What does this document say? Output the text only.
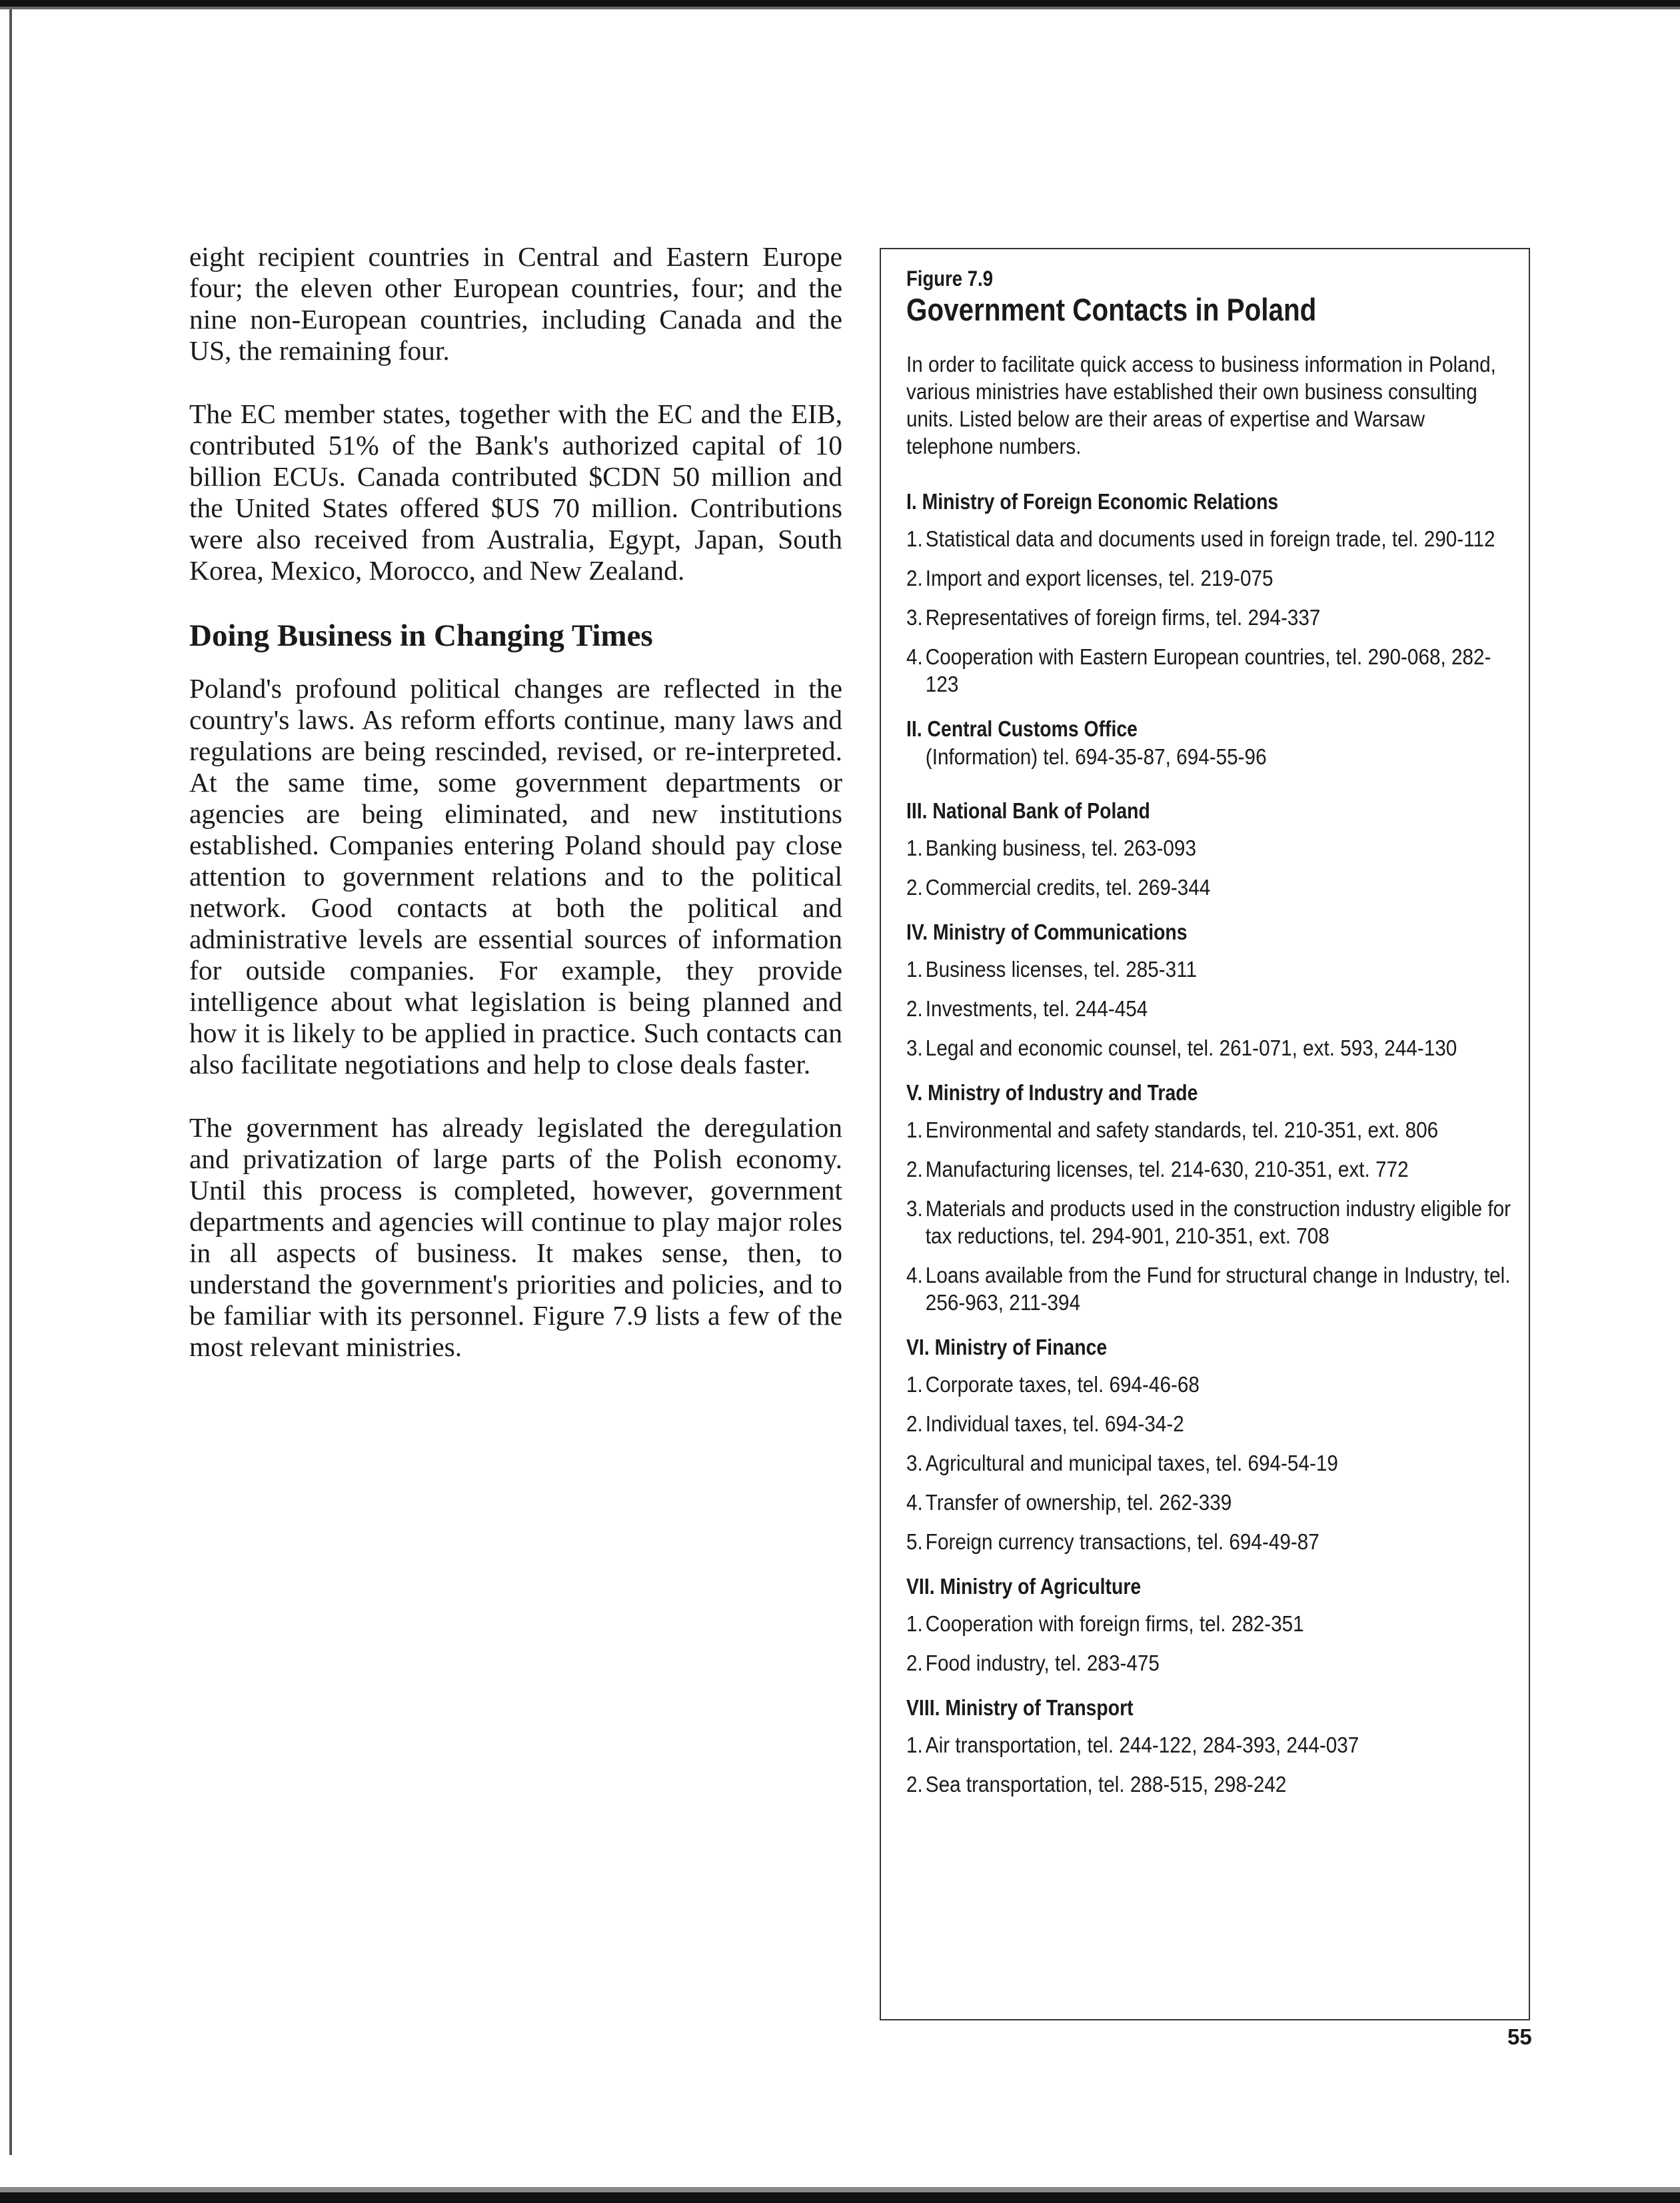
eight recipient countries in Central and Eastern Europe four; the eleven other European countries, four; and the nine non-European countries, including Canada and the US, the remaining four.

The EC member states, together with the EC and the EIB, contributed 51% of the Bank's authorized capital of 10 billion ECUs. Canada contributed $CDN 50 million and the United States offered $US 70 million. Contributions were also received from Australia, Egypt, Japan, South Korea, Mexico, Morocco, and New Zealand.

Doing Business in Changing Times

Poland's profound political changes are reflected in the country's laws. As reform efforts continue, many laws and regulations are being rescinded, revised, or re-interpreted. At the same time, some government departments or agencies are being eliminated, and new institutions established. Companies entering Poland should pay close attention to government relations and to the political network. Good contacts at both the political and administrative levels are essential sources of information for outside companies. For example, they provide intelligence about what legislation is being planned and how it is likely to be applied in practice. Such contacts can also facilitate negotiations and help to close deals faster.

The government has already legislated the deregulation and privatization of large parts of the Polish economy. Until this process is completed, however, government departments and agencies will continue to play major roles in all aspects of business. It makes sense, then, to understand the government's priorities and policies, and to be familiar with its personnel. Figure 7.9 lists a few of the most relevant ministries.

Figure 7.9
Government Contacts in Poland
In order to facilitate quick access to business information in Poland, various ministries have established their own business consulting units. Listed below are their areas of expertise and Warsaw telephone numbers.
I. Ministry of Foreign Economic Relations
1. Statistical data and documents used in foreign trade, tel. 290-112
2. Import and export licenses, tel. 219-075
3. Representatives of foreign firms, tel. 294-337
4. Cooperation with Eastern European countries, tel. 290-068, 282-123
II. Central Customs Office
(Information) tel. 694-35-87, 694-55-96
III. National Bank of Poland
1. Banking business, tel. 263-093
2. Commercial credits, tel. 269-344
IV. Ministry of Communications
1. Business licenses, tel. 285-311
2. Investments, tel. 244-454
3. Legal and economic counsel, tel. 261-071, ext. 593, 244-130
V. Ministry of Industry and Trade
1. Environmental and safety standards, tel. 210-351, ext. 806
2. Manufacturing licenses, tel. 214-630, 210-351, ext. 772
3. Materials and products used in the construction industry eligible for tax reductions, tel. 294-901, 210-351, ext. 708
4. Loans available from the Fund for structural change in Industry, tel. 256-963, 211-394
VI. Ministry of Finance
1. Corporate taxes, tel. 694-46-68
2. Individual taxes, tel. 694-34-2
3. Agricultural and municipal taxes, tel. 694-54-19
4. Transfer of ownership, tel. 262-339
5. Foreign currency transactions, tel. 694-49-87
VII. Ministry of Agriculture
1. Cooperation with foreign firms, tel. 282-351
2. Food industry, tel. 283-475
VIII. Ministry of Transport
1. Air transportation, tel. 244-122, 284-393, 244-037
2. Sea transportation, tel. 288-515, 298-242
55
